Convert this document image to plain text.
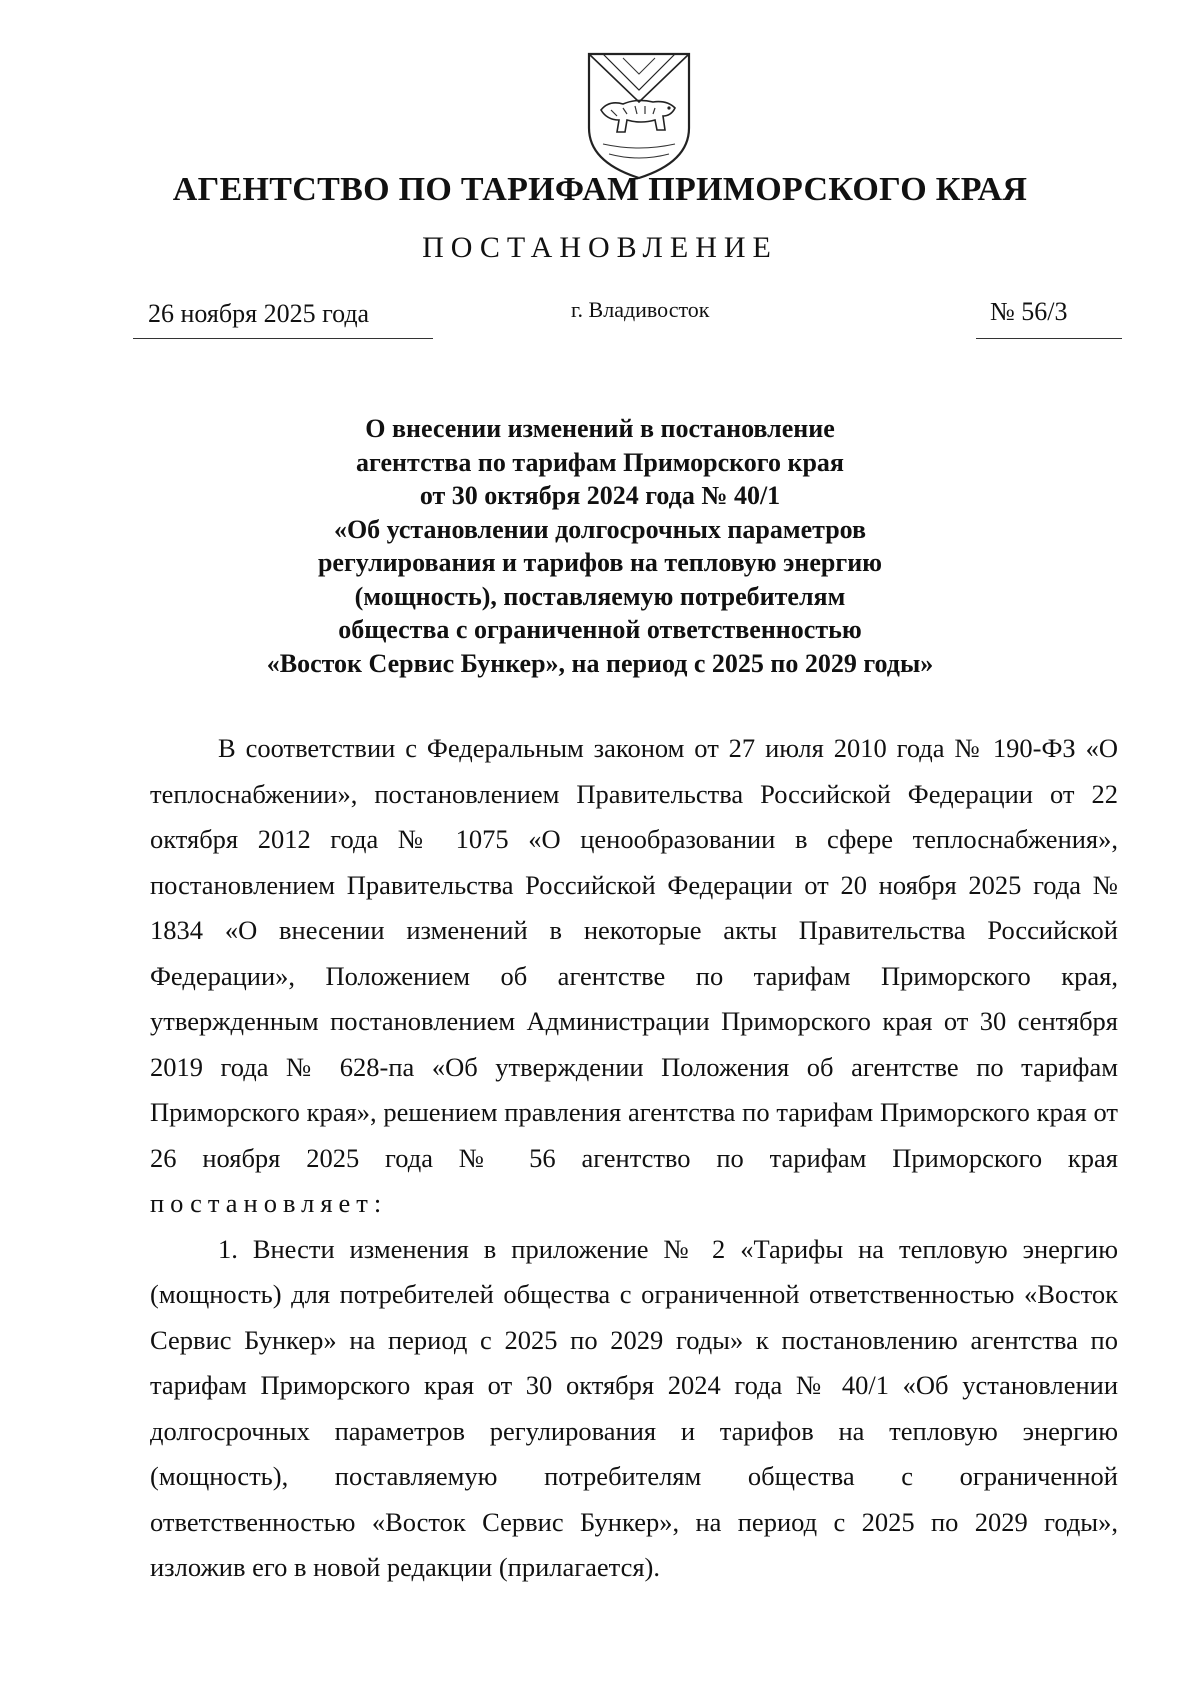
АГЕНТСТВО ПО ТАРИФАМ ПРИМОРСКОГО КРАЯ
ПОСТАНОВЛЕНИЕ
26 ноября 2025 года	г. Владивосток	№ 56/3
О внесении изменений в постановление
агентства по тарифам Приморского края
от 30 октября 2024 года № 40/1
«Об установлении долгосрочных параметров
регулирования и тарифов на тепловую энергию
(мощность), поставляемую потребителям
общества с ограниченной ответственностью
«Восток Сервис Бункер», на период с 2025 по 2029 годы»

В соответствии с Федеральным законом от 27 июля 2010 года № 190-ФЗ «О теплоснабжении», постановлением Правительства Российской Федерации от 22 октября 2012 года № 1075 «О ценообразовании в сфере теплоснабжения», постановлением Правительства Российской Федерации от 20 ноября 2025 года № 1834 «О внесении изменений в некоторые акты Правительства Российской Федерации», Положением об агентстве по тарифам Приморского края, утвержденным постановлением Администрации Приморского края от 30 сентября 2019 года № 628-па «Об утверждении Положения об агентстве по тарифам Приморского края», решением правления агентства по тарифам Приморского края от 26 ноября 2025 года № 56 агентство по тарифам Приморского края постановляет:

1. Внести изменения в приложение № 2 «Тарифы на тепловую энергию (мощность) для потребителей общества с ограниченной ответственностью «Восток Сервис Бункер» на период с 2025 по 2029 годы» к постановлению агентства по тарифам Приморского края от 30 октября 2024 года № 40/1 «Об установлении долгосрочных параметров регулирования и тарифов на тепловую энергию (мощность), поставляемую потребителям общества с ограниченной ответственностью «Восток Сервис Бункер», на период с 2025 по 2029 годы», изложив его в новой редакции (прилагается).
